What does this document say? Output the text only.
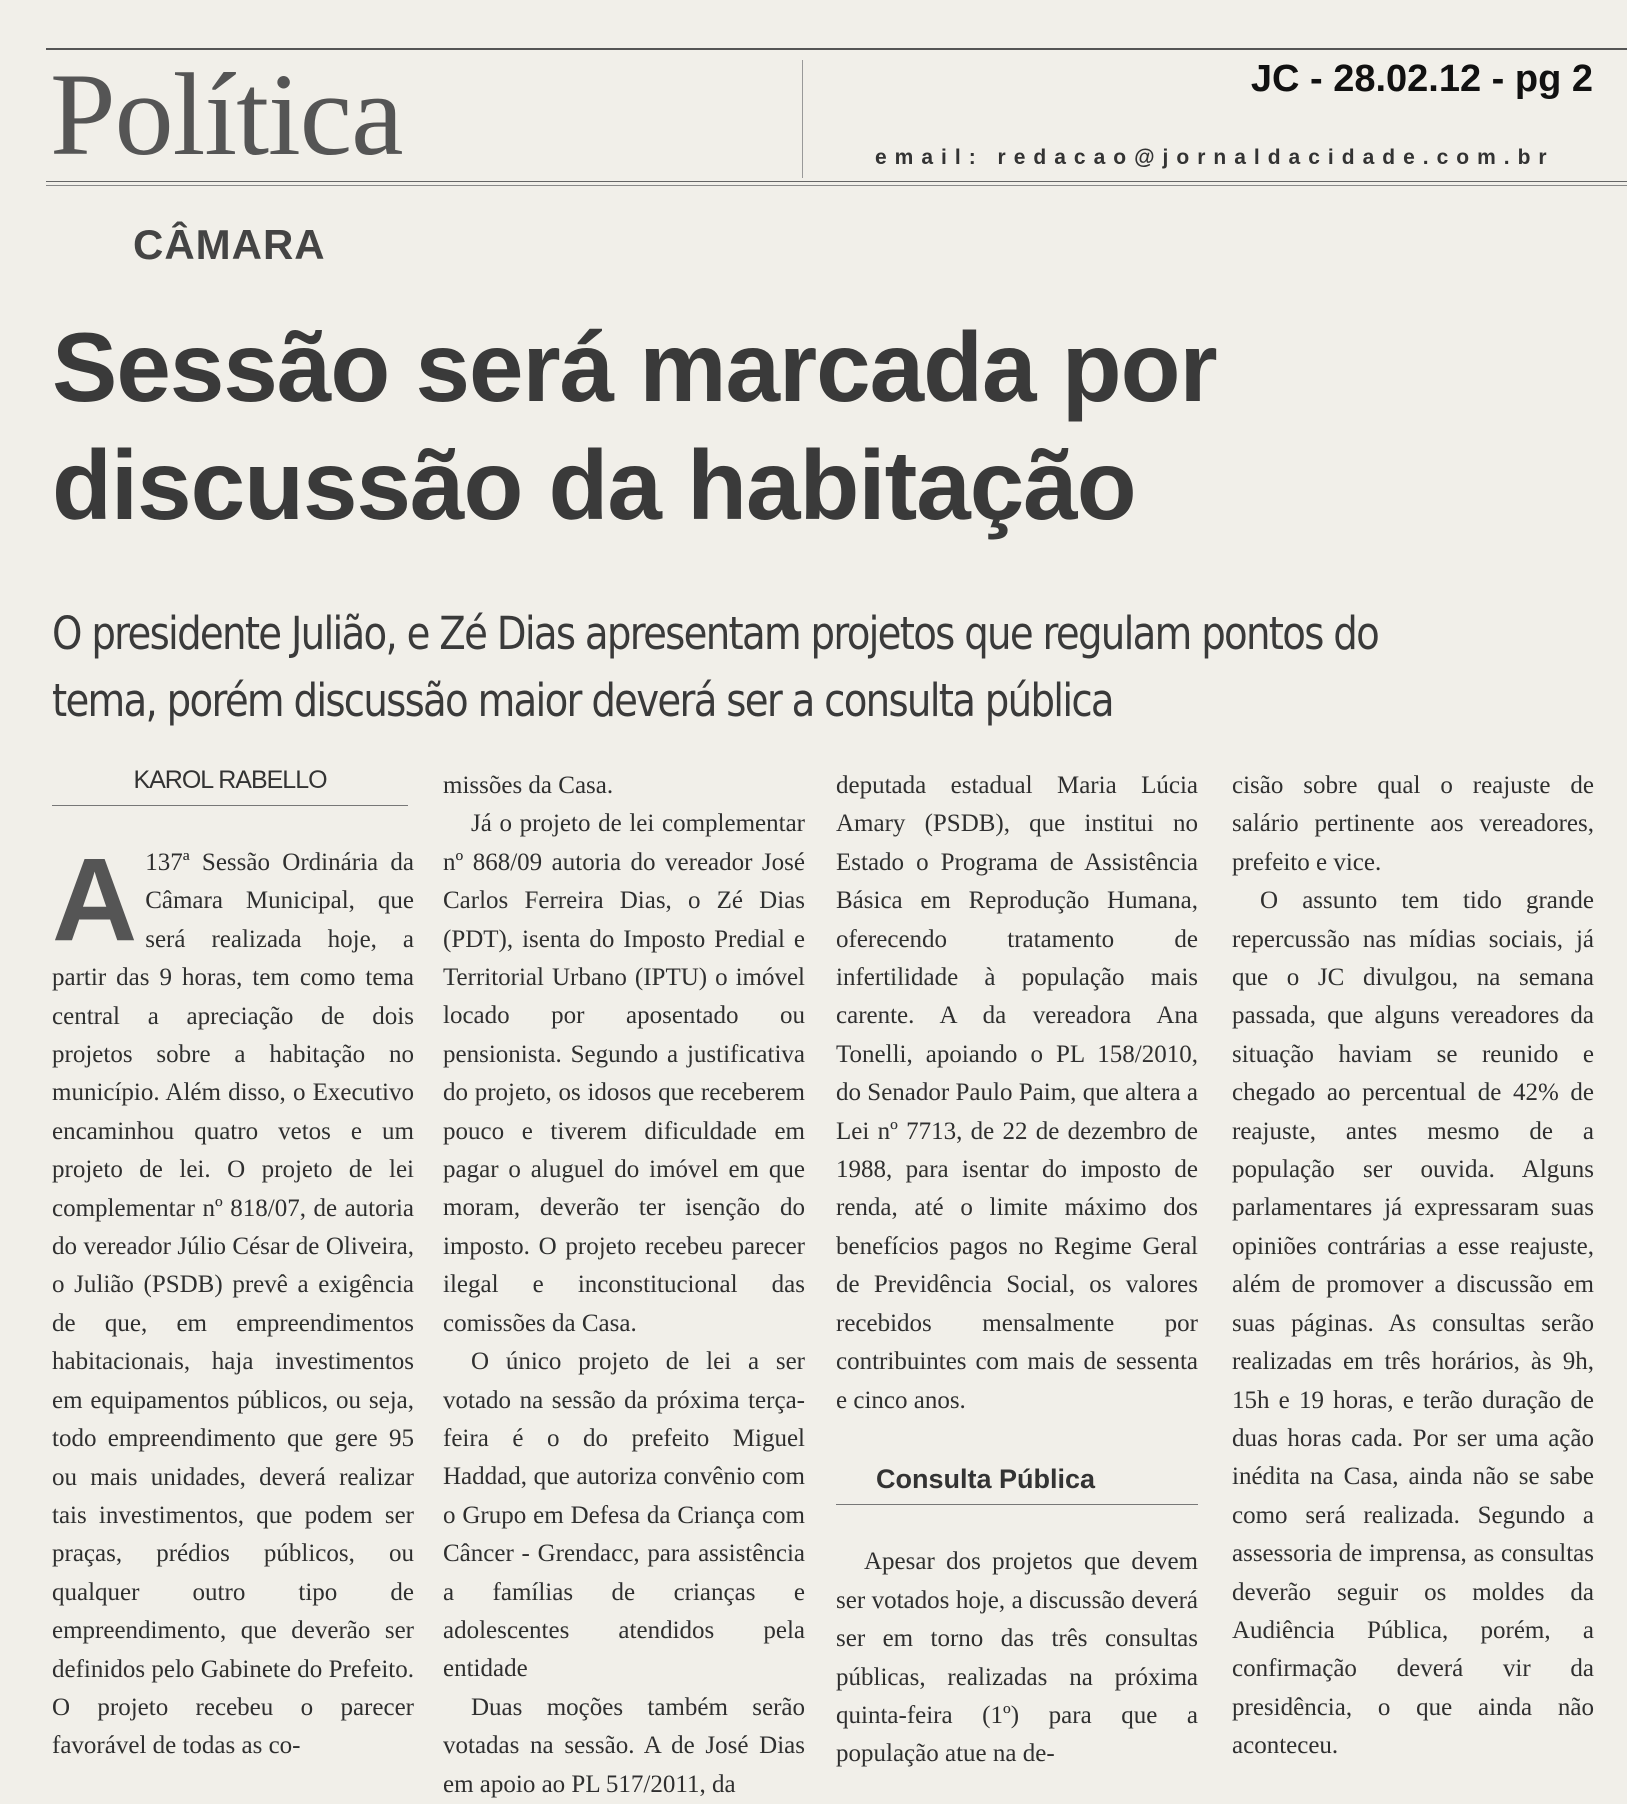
Política	JC - 28.02.12 - pg 2
email: redacao@jornaldacidade.com.br
CÂMARA
Sessão será marcada por discussão da habitação

O presidente Julião, e Zé Dias apresentam projetos que regulam pontos do tema, porém discussão maior deverá ser a consulta pública

KAROL RABELLO
A 137ª Sessão Ordinária da Câmara Municipal, que será realizada hoje, a partir das 9 horas, tem como tema central a apreciação de dois projetos sobre a habitação no município. Além disso, o Executivo encaminhou quatro vetos e um projeto de lei. O projeto de lei complementar nº 818/07, de autoria do vereador Júlio César de Oliveira, o Julião (PSDB) prevê a exigência de que, em empreendimentos habitacionais, haja investimentos em equipamentos públicos, ou seja, todo empreendimento que gere 95 ou mais unidades, deverá realizar tais investimentos, que podem ser praças, prédios públicos, ou qualquer outro tipo de empreendimento, que deverão ser definidos pelo Gabinete do Prefeito. O projeto recebeu o parecer favorável de todas as co-

missões da Casa.

Já o projeto de lei complementar nº 868/09 autoria do vereador José Carlos Ferreira Dias, o Zé Dias (PDT), isenta do Imposto Predial e Territorial Urbano (IPTU) o imóvel locado por aposentado ou pensionista. Segundo a justificativa do projeto, os idosos que receberem pouco e tiverem dificuldade em pagar o aluguel do imóvel em que moram, deverão ter isenção do imposto. O projeto recebeu parecer ilegal e inconstitucional das comissões da Casa.

O único projeto de lei a ser votado na sessão da próxima terça-feira é o do prefeito Miguel Haddad, que autoriza convênio com o Grupo em Defesa da Criança com Câncer - Grendacc, para assistência a famílias de crianças e adolescentes atendidos pela entidade

Duas moções também serão votadas na sessão. A de José Dias em apoio ao PL 517/2011, da

deputada estadual Maria Lúcia Amary (PSDB), que institui no Estado o Programa de Assistência Básica em Reprodução Humana, oferecendo tratamento de infertilidade à população mais carente. A da vereadora Ana Tonelli, apoiando o PL 158/2010, do Senador Paulo Paim, que altera a Lei nº 7713, de 22 de dezembro de 1988, para isentar do imposto de renda, até o limite máximo dos benefícios pagos no Regime Geral de Previdência Social, os valores recebidos mensalmente por contribuintes com mais de sessenta e cinco anos.

Consulta Pública

Apesar dos projetos que devem ser votados hoje, a discussão deverá ser em torno das três consultas públicas, realizadas na próxima quinta-feira (1º) para que a população atue na de-

cisão sobre qual o reajuste de salário pertinente aos vereadores, prefeito e vice.

O assunto tem tido grande repercussão nas mídias sociais, já que o JC divulgou, na semana passada, que alguns vereadores da situação haviam se reunido e chegado ao percentual de 42% de reajuste, antes mesmo de a população ser ouvida. Alguns parlamentares já expressaram suas opiniões contrárias a esse reajuste, além de promover a discussão em suas páginas. As consultas serão realizadas em três horários, às 9h, 15h e 19 horas, e terão duração de duas horas cada. Por ser uma ação inédita na Casa, ainda não se sabe como será realizada. Segundo a assessoria de imprensa, as consultas deverão seguir os moldes da Audiência Pública, porém, a confirmação deverá vir da presidência, o que ainda não aconteceu.
